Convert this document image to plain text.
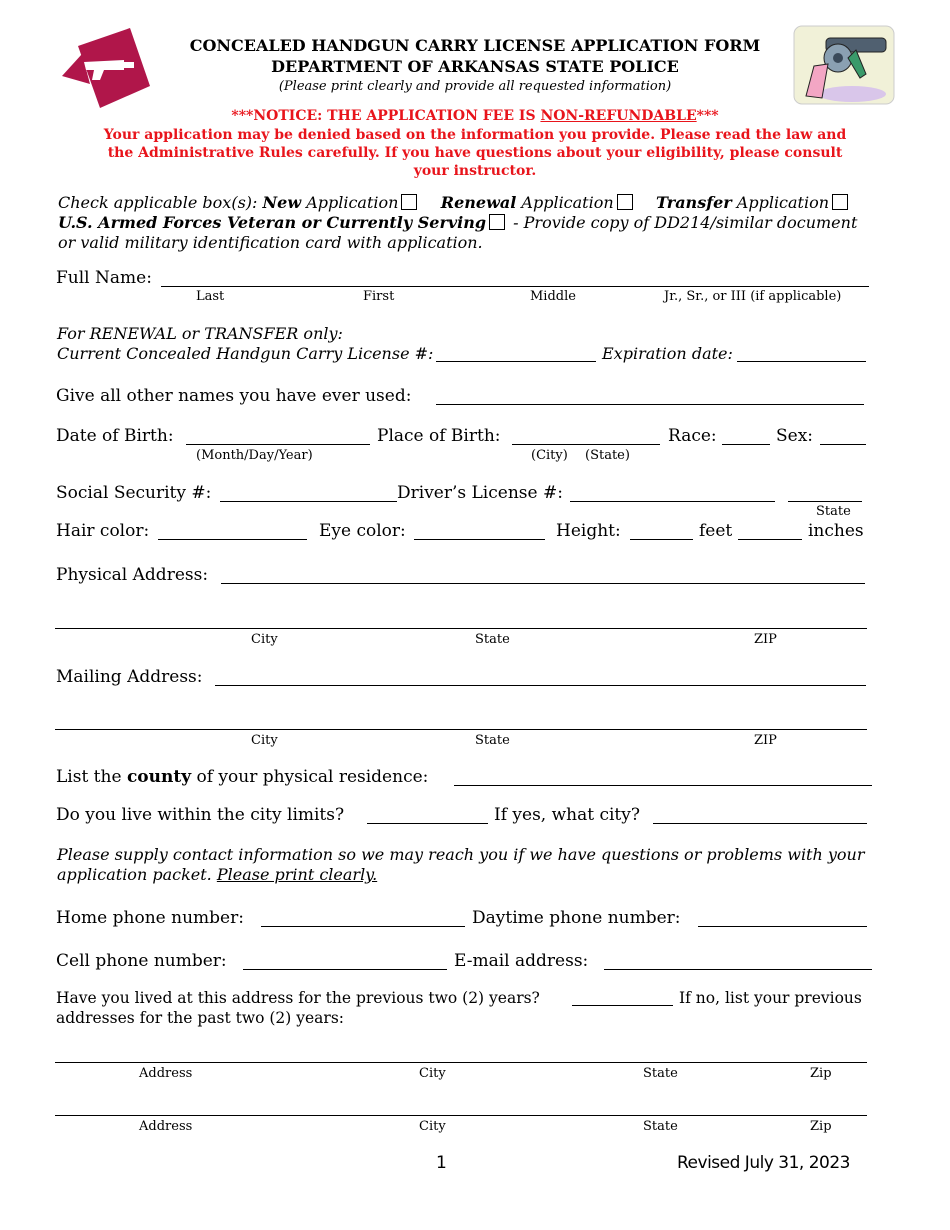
CONCEALED HANDGUN CARRY LICENSE APPLICATION FORM
DEPARTMENT OF ARKANSAS STATE POLICE
(Please print clearly and provide all requested information)
***NOTICE: THE APPLICATION FEE IS NON-REFUNDABLE***
Your application may be denied based on the information you provide. Please read the law and
the Administrative Rules carefully. If you have questions about your eligibility, please consult
your instructor.
Check applicable box(s): New Application	Renewal Application	Transfer Application
U.S. Armed Forces Veteran or Currently Serving - Provide copy of DD214/similar document
or valid military identification card with application.
Full Name:
Last	First	Middle	Jr., Sr., or III (if applicable)
For RENEWAL or TRANSFER only:
Current Concealed Handgun Carry License #:	Expiration date:
Give all other names you have ever used:
Date of Birth:
(Month/Day/Year)
Place of Birth:
(City) (State)
Race:	Sex:
Social Security #:	Driver’s License #:
State
Hair color:	Eye color:	Height:	feet	inches
Physical Address:
City	State	ZIP
Mailing Address:
City	State	ZIP
List the county of your physical residence:
Do you live within the city limits?	If yes, what city?
Please supply contact information so we may reach you if we have questions or problems with your
application packet. Please print clearly.
Home phone number:	Daytime phone number:
Cell phone number:	E-mail address:
Have you lived at this address for the previous two (2) years?	If no, list your previous
addresses for the past two (2) years:
Address	City	State	Zip
Address	City	State	Zip
1	Revised July 31, 2023
